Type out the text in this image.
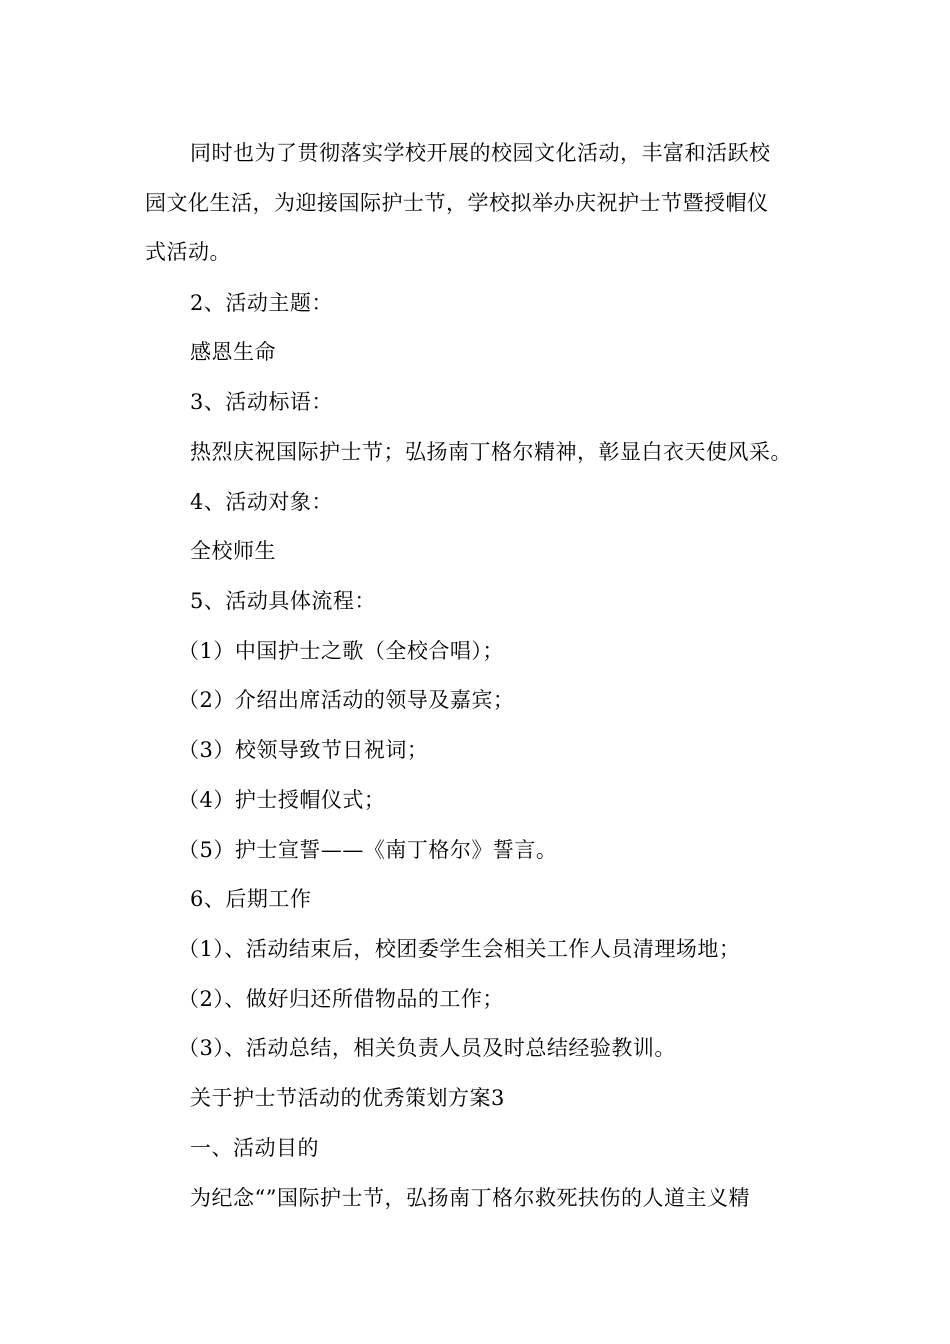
同时也为了贯彻落实学校开展的校园文化活动，丰富和活跃校
园文化生活，为迎接国际护士节，学校拟举办庆祝护士节暨授帽仪
式活动。
2、活动主题：
感恩生命
3、活动标语：
热烈庆祝国际护士节；弘扬南丁格尔精神，彰显白衣天使风采。
4、活动对象：
全校师生
5、活动具体流程：
（1）中国护士之歌（全校合唱）；
（2）介绍出席活动的领导及嘉宾；
（3）校领导致节日祝词；
（4）护士授帽仪式；
（5）护士宣誓——《南丁格尔》誓言。
6、后期工作
（1）、活动结束后，校团委学生会相关工作人员清理场地；
（2）、做好归还所借物品的工作；
（3）、活动总结，相关负责人员及时总结经验教训。
关于护士节活动的优秀策划方案3
一、活动目的
为纪念“”国际护士节，弘扬南丁格尔救死扶伤的人道主义精
